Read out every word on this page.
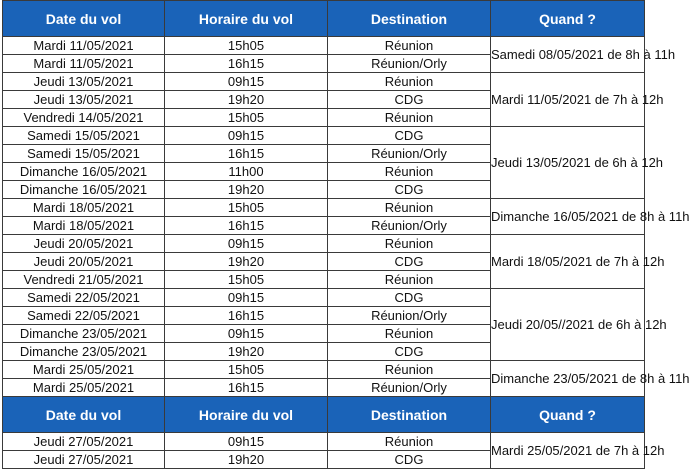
Date du vol	Horaire du vol	Destination	Quand ?
Mardi 11/05/2021	15h05	Réunion	Samedi 08/05/2021 de 8h à 11h
Mardi 11/05/2021	16h15	Réunion/Orly	
Jeudi 13/05/2021	09h15	Réunion	Mardi 11/05/2021 de 7h à 12h
Jeudi 13/05/2021	19h20	CDG	
Vendredi 14/05/2021	15h05	Réunion	
Samedi 15/05/2021	09h15	CDG	Jeudi 13/05/2021 de 6h à 12h
Samedi 15/05/2021	16h15	Réunion/Orly	
Dimanche 16/05/2021	11h00	Réunion	
Dimanche 16/05/2021	19h20	CDG	
Mardi 18/05/2021	15h05	Réunion	Dimanche 16/05/2021 de 8h à 11h
Mardi 18/05/2021	16h15	Réunion/Orly	
Jeudi 20/05/2021	09h15	Réunion	Mardi 18/05/2021 de 7h à 12h
Jeudi 20/05/2021	19h20	CDG	
Vendredi 21/05/2021	15h05	Réunion	
Samedi 22/05/2021	09h15	CDG	Jeudi 20/05//2021 de 6h à 12h
Samedi 22/05/2021	16h15	Réunion/Orly	
Dimanche 23/05/2021	09h15	Réunion	
Dimanche 23/05/2021	19h20	CDG	
Mardi 25/05/2021	15h05	Réunion	Dimanche 23/05/2021 de 8h à 11h
Mardi 25/05/2021	16h15	Réunion/Orly	
Date du vol	Horaire du vol	Destination	Quand ?
Jeudi 27/05/2021	09h15	Réunion	Mardi 25/05/2021 de 7h à 12h
Jeudi 27/05/2021	19h20	CDG	
